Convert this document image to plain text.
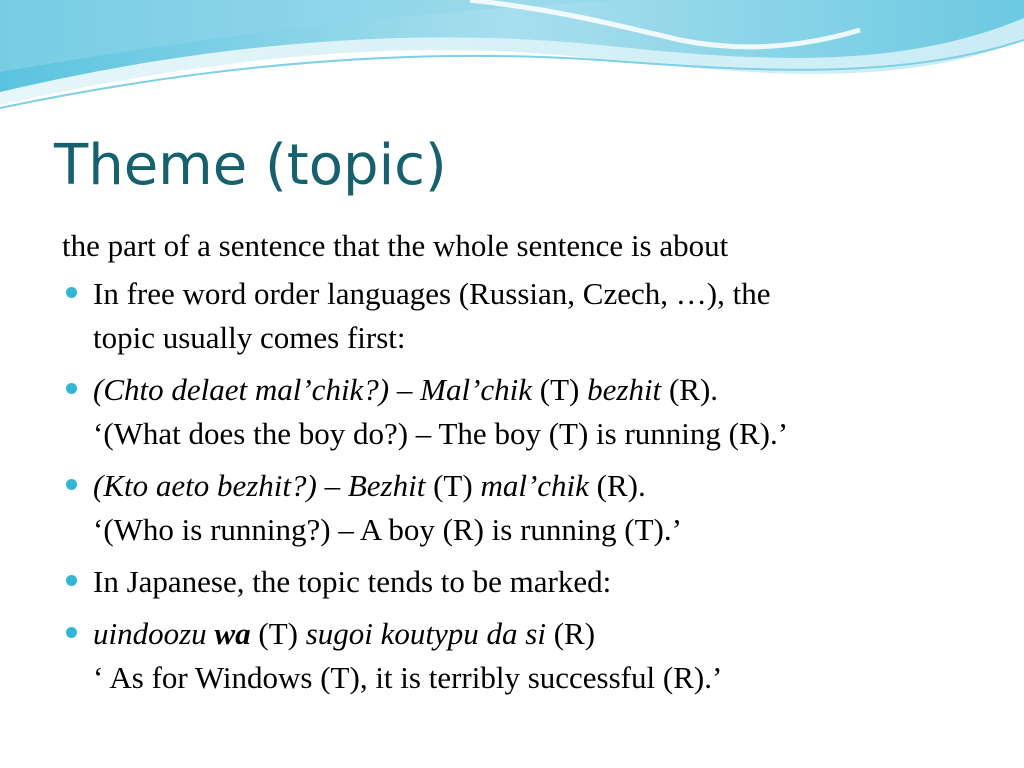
Theme (topic)

the part of a sentence that the whole sentence is about

In free word order languages (Russian, Czech, …), the
topic usually comes first:
(Chto delaet mal’chik?) – Mal’chik (T) bezhit (R).
‘(What does the boy do?) – The boy (T) is running (R).’
(Kto aeto bezhit?) – Bezhit (T) mal’chik (R).
‘(Who is running?) – A boy (R) is running (T).’
In Japanese, the topic tends to be marked:
uindoozu wa (T) sugoi koutypu da si (R)
‘ As for Windows (T), it is terribly successful (R).’
